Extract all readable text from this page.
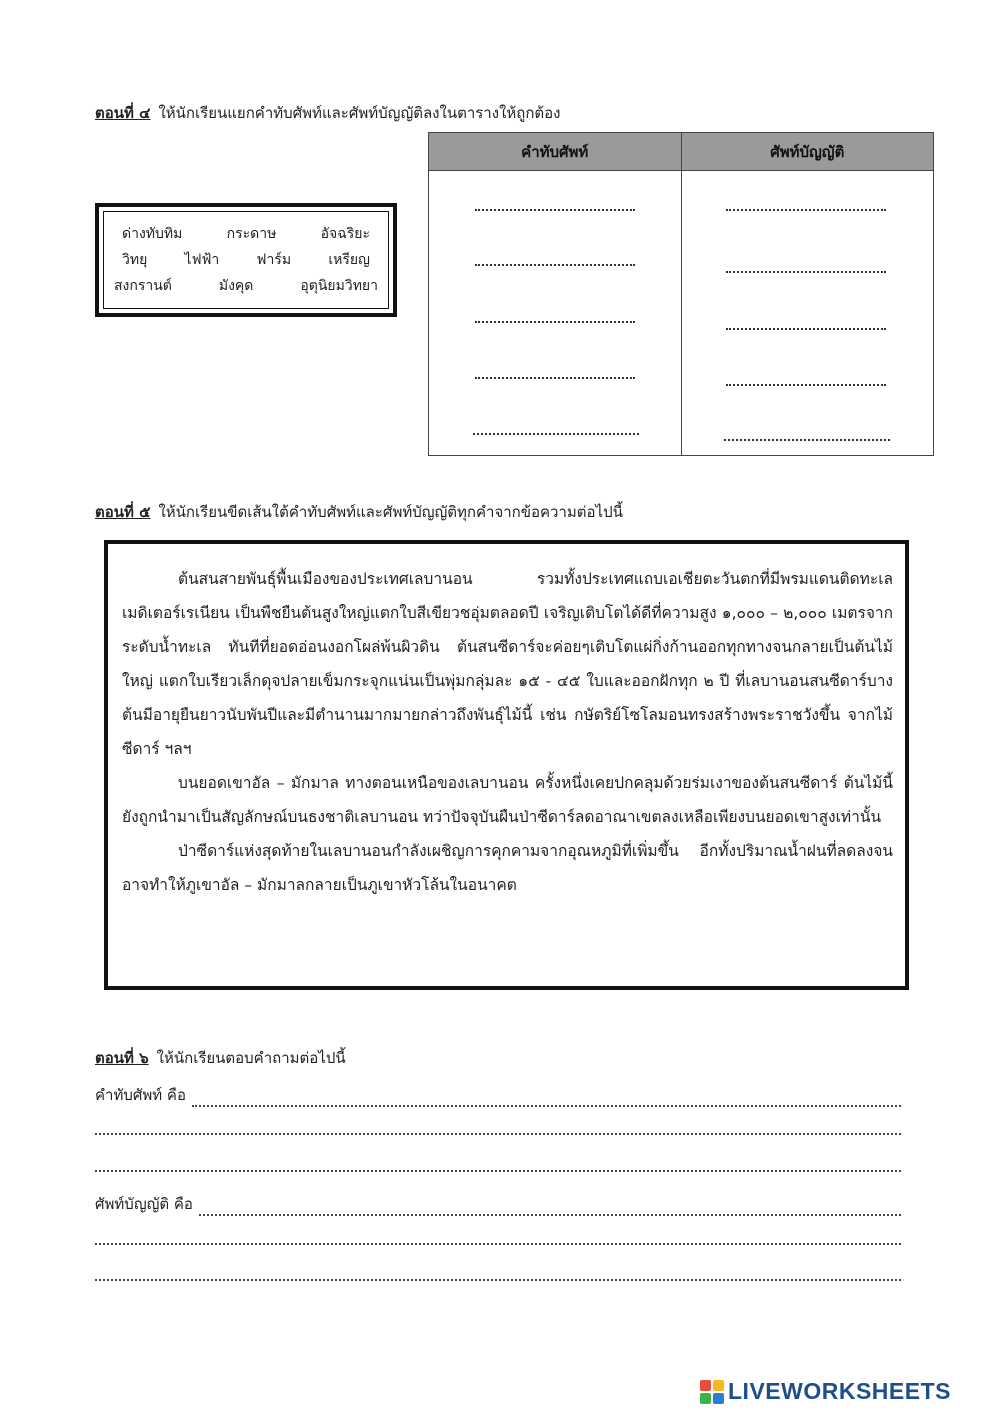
ตอนที่ ๔ ให้นักเรียนแยกคำทับศัพท์และศัพท์บัญญัติลงในตารางให้ถูกต้อง
ด่างทับทิม	กระดาษ	อัจฉริยะ
วิทยุ	ไฟฟ้า	ฟาร์ม	เหรียญ
สงกรานต์	มังคุด	อุตุนิยมวิทยา
คำทับศัพท์	ศัพท์บัญญัติ
ตอนที่ ๕ ให้นักเรียนขีดเส้นใต้คำทับศัพท์และศัพท์บัญญัติทุกคำจากข้อความต่อไปนี้

ต้นสนสายพันธุ์พื้นเมืองของประเทศเลบานอน รวมทั้งประเทศแถบเอเชียตะวันตกที่มีพรมแดนติดทะเลเมดิเตอร์เรเนียน เป็นพืชยืนต้นสูงใหญ่แตกใบสีเขียวชอุ่มตลอดปี เจริญเติบโตได้ดีที่ความสูง ๑,๐๐๐ – ๒,๐๐๐ เมตรจากระดับน้ำทะเล ทันทีที่ยอดอ่อนงอกโผล่พ้นผิวดิน ต้นสนซีดาร์จะค่อยๆเติบโตแผ่กิ่งก้านออกทุกทางจนกลายเป็นต้นไม้ใหญ่ แตกใบเรียวเล็กดุจปลายเข็มกระจุกแน่นเป็นพุ่มกลุ่มละ ๑๕ - ๔๕ ใบและออกฝักทุก ๒ ปี ที่เลบานอนสนซีดาร์บางต้นมีอายุยืนยาวนับพันปีและมีตำนานมากมายกล่าวถึงพันธุ์ไม้นี้ เช่น กษัตริย์โซโลมอนทรงสร้างพระราชวังขึ้น จากไม้ซีดาร์ ฯลฯ

บนยอดเขาอัล – มักมาล ทางตอนเหนือของเลบานอน ครั้งหนึ่งเคยปกคลุมด้วยร่มเงาของต้นสนซีดาร์ ต้นไม้นี้ยังถูกนำมาเป็นสัญลักษณ์บนธงชาติเลบานอน ทว่าปัจจุบันผืนป่าซีดาร์ลดอาณาเขตลงเหลือเพียงบนยอดเขาสูงเท่านั้น

ป่าซีดาร์แห่งสุดท้ายในเลบานอนกำลังเผชิญการคุกคามจากอุณหภูมิที่เพิ่มขึ้น อีกทั้งปริมาณน้ำฝนที่ลดลงจนอาจทำให้ภูเขาอัล – มักมาลกลายเป็นภูเขาหัวโล้นในอนาคต

ตอนที่ ๖ ให้นักเรียนตอบคำถามต่อไปนี้
คำทับศัพท์ คือ
ศัพท์บัญญัติ คือ
LIVEWORKSHEETS
